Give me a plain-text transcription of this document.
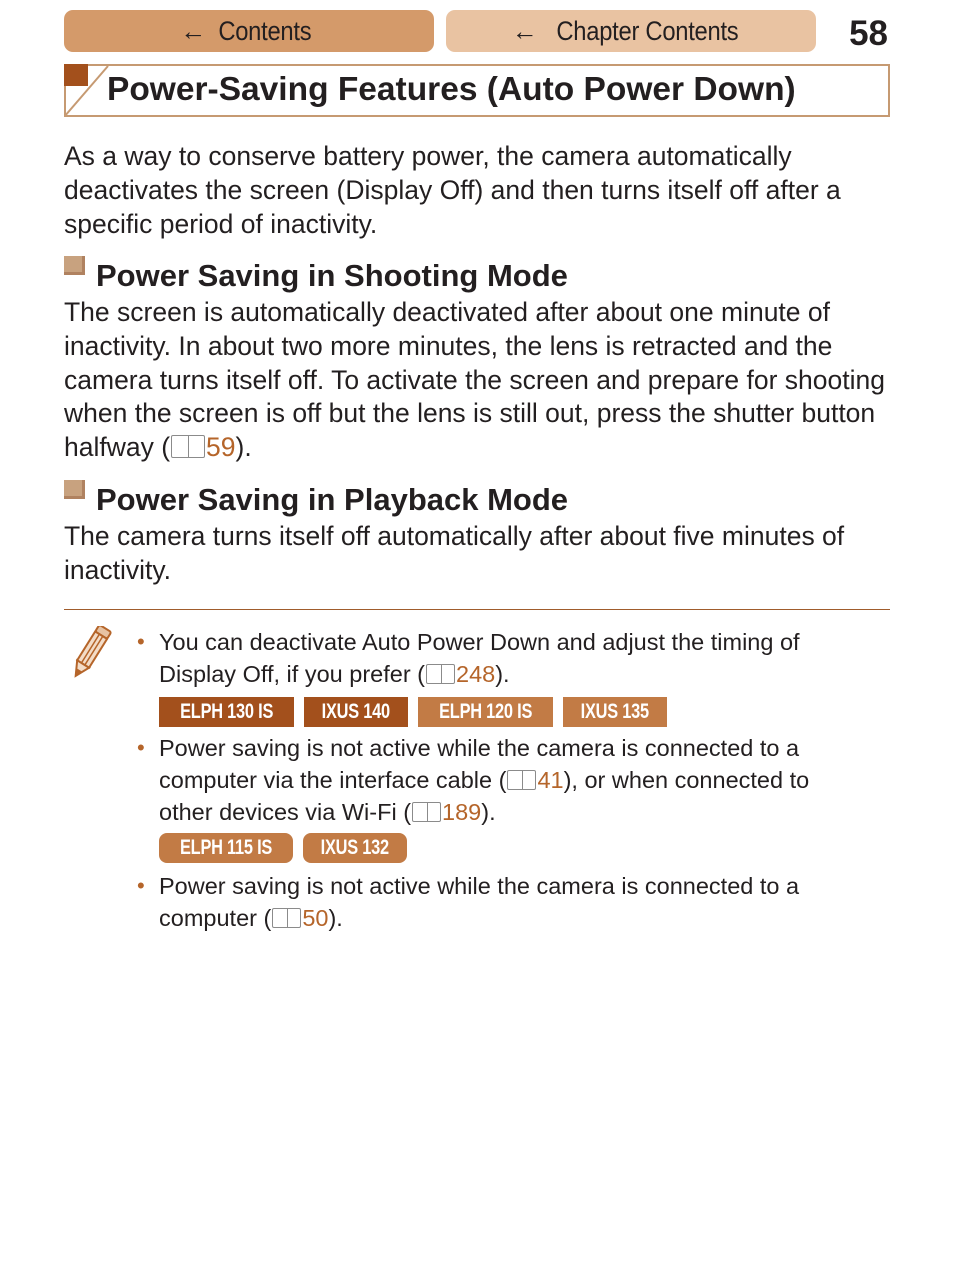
← Contents	← Chapter Contents	58
Power-Saving Features (Auto Power Down)

As a way to conserve battery power, the camera automatically deactivates the screen (Display Off) and then turns itself off after a specific period of inactivity.

Power Saving in Shooting Mode

The screen is automatically deactivated after about one minute of inactivity. In about two more minutes, the lens is retracted and the camera turns itself off. To activate the screen and prepare for shooting when the screen is off but the lens is still out, press the shutter button halfway ( 59).

Power Saving in Playback Mode

The camera turns itself off automatically after about five minutes of inactivity.

• You can deactivate Auto Power Down and adjust the timing of Display Off, if you prefer ( 248).
ELPH 130 IS IXUS 140 ELPH 120 IS IXUS 135
• Power saving is not active while the camera is connected to a computer via the interface cable ( 41), or when connected to other devices via Wi-Fi ( 189).
ELPH 115 IS IXUS 132
• Power saving is not active while the camera is connected to a computer ( 50).
